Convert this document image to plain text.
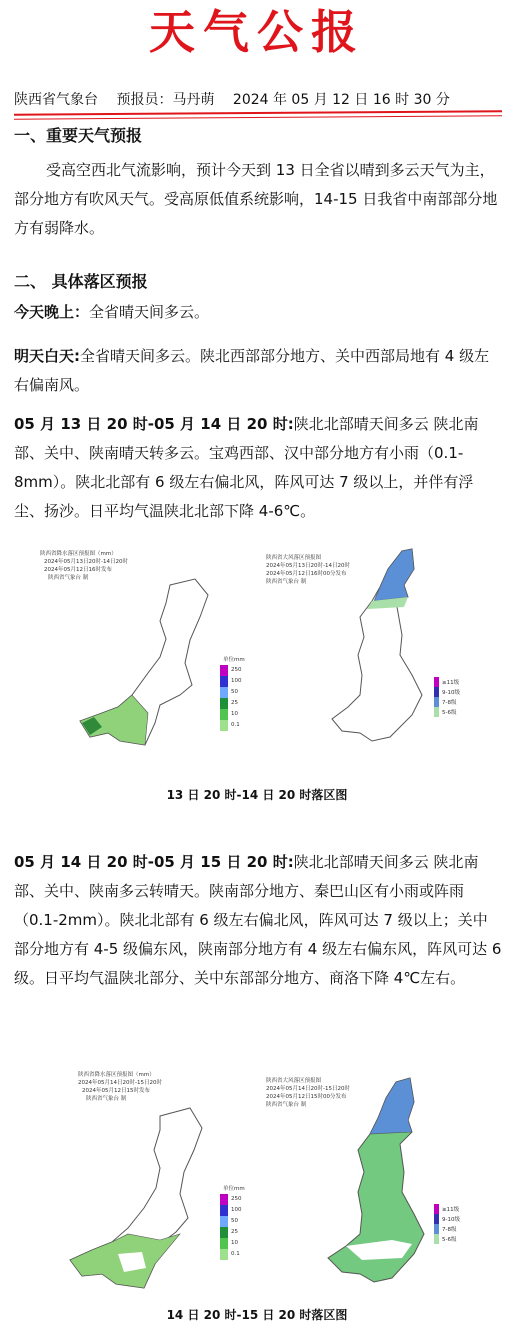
天气公报
陕西省气象台 预报员：马丹萌 2024 年 05 月 12 日 16 时 30 分
一、重要天气预报
受高空西北气流影响，预计今天到 13 日全省以晴到多云天气为主，部分地方有吹风天气。受高原低值系统影响，14-15 日我省中南部部分地方有弱降水。
二、 具体落区预报
今天晚上：全省晴天间多云。
明天白天:全省晴天间多云。陕北西部部分地方、关中西部局地有 4 级左右偏南风。
05 月 13 日 20 时-05 月 14 日 20 时:陕北北部晴天间多云 陕北南部、关中、陕南晴天转多云。宝鸡西部、汉中部分地方有小雨（0.1-8mm）。陕北北部有 6 级左右偏北风，阵风可达 7 级以上，并伴有浮尘、扬沙。日平均气温陕北北部下降 4-6℃。
陕西省降水落区预报图（mm）
2024年05月13日20时-14日20时
2024年05月12日16时发布
陕西省气象台 制
单位mm
250
100
50
25
10
0.1
陕西省大风落区预报图
2024年05月13日20时-14日20时
2024年05月12日16时00分发布
陕西省气象台 制
≥11级
9-10级
7-8级
5-6级
13 日 20 时-14 日 20 时落区图
05 月 14 日 20 时-05 月 15 日 20 时:陕北北部晴天间多云 陕北南部、关中、陕南多云转晴天。陕南部分地方、秦巴山区有小雨或阵雨（0.1-2mm）。陕北北部有 6 级左右偏北风，阵风可达 7 级以上；关中部分地方有 4-5 级偏东风，陕南部分地方有 4 级左右偏东风，阵风可达 6 级。日平均气温陕北部分、关中东部部分地方、商洛下降 4℃左右。
陕西省降水落区预报图（mm）
2024年05月14日20时-15日20时
2024年05月12日15时发布
陕西省气象台 制
单位mm
250
100
50
25
10
0.1
陕西省大风落区预报图
2024年05月14日20时-15日20时
2024年05月12日15时00分发布
陕西省气象台 制
≥11级
9-10级
7-8级
5-6级
14 日 20 时-15 日 20 时落区图
